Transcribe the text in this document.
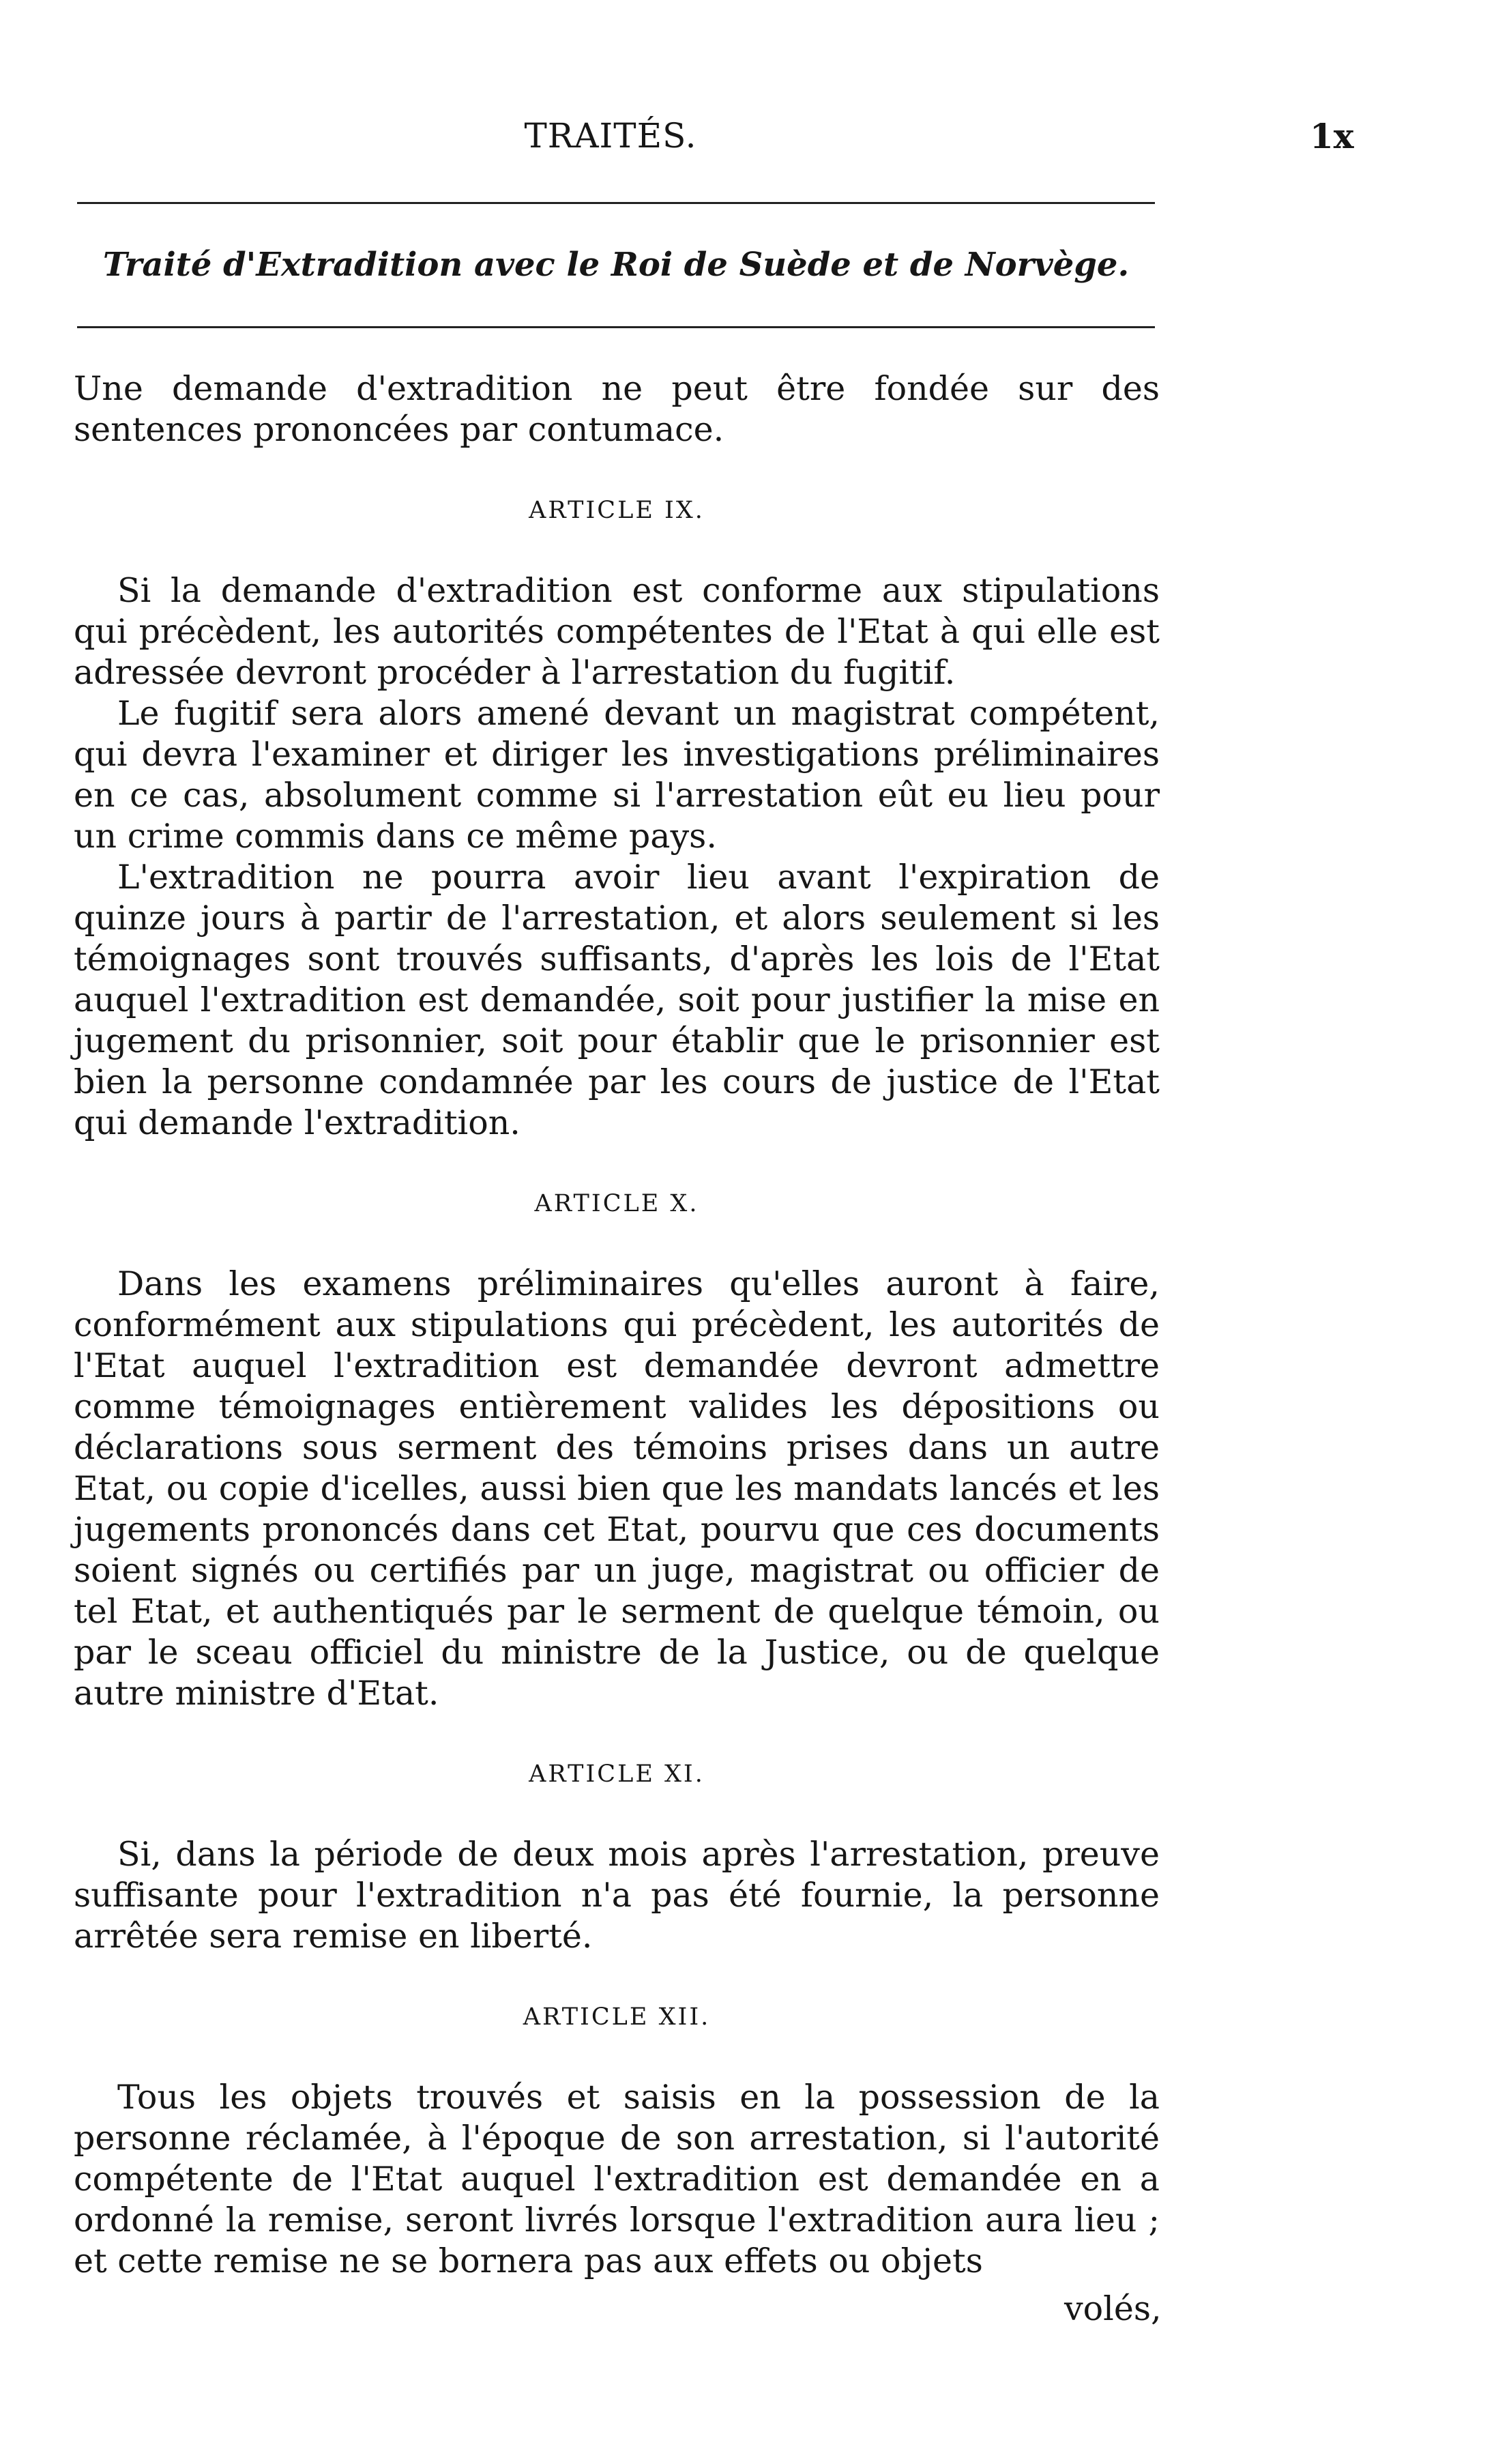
TRAITÉS.	1x
Traité d'Extradition avec le Roi de Suède et de Norvège.

Une demande d'extradition ne peut être fondée sur des sentences prononcées par contumace.

ARTICLE IX.

Si la demande d'extradition est conforme aux stipulations qui précèdent, les autorités compétentes de l'Etat à qui elle est adressée devront procéder à l'arrestation du fugitif.

Le fugitif sera alors amené devant un magistrat compétent, qui devra l'examiner et diriger les investigations préliminaires en ce cas, absolument comme si l'arrestation eût eu lieu pour un crime commis dans ce même pays.

L'extradition ne pourra avoir lieu avant l'expiration de quinze jours à partir de l'arrestation, et alors seulement si les témoignages sont trouvés suffisants, d'après les lois de l'Etat auquel l'extradition est demandée, soit pour justifier la mise en jugement du prisonnier, soit pour établir que le prisonnier est bien la personne condamnée par les cours de justice de l'Etat qui demande l'extradition.

ARTICLE X.

Dans les examens préliminaires qu'elles auront à faire, conformément aux stipulations qui précèdent, les autorités de l'Etat auquel l'extradition est demandée devront admettre comme témoignages entièrement valides les dépositions ou déclarations sous serment des témoins prises dans un autre Etat, ou copie d'icelles, aussi bien que les mandats lancés et les jugements prononcés dans cet Etat, pourvu que ces documents soient signés ou certifiés par un juge, magistrat ou officier de tel Etat, et authentiqués par le serment de quelque témoin, ou par le sceau officiel du ministre de la Justice, ou de quelque autre ministre d'Etat.

ARTICLE XI.

Si, dans la période de deux mois après l'arrestation, preuve suffisante pour l'extradition n'a pas été fournie, la personne arrêtée sera remise en liberté.

ARTICLE XII.

Tous les objets trouvés et saisis en la possession de la personne réclamée, à l'époque de son arrestation, si l'autorité compétente de l'Etat auquel l'extradition est demandée en a ordonné la remise, seront livrés lorsque l'extradition aura lieu ; et cette remise ne se bornera pas aux effets ou objets

volés,
